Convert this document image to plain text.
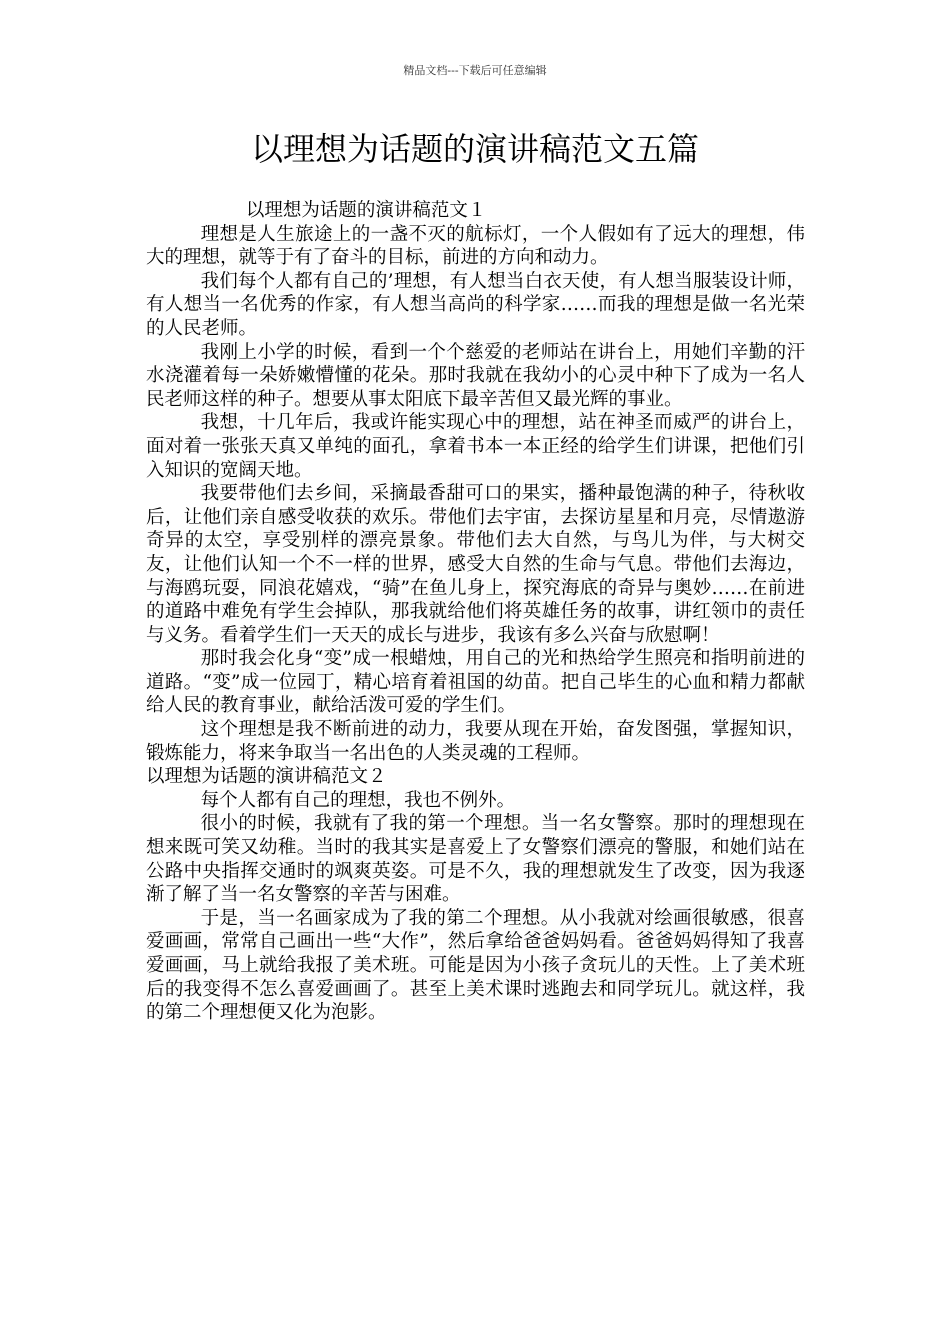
精品文档---下载后可任意编辑
以理想为话题的演讲稿范文五篇

以理想为话题的演讲稿范文１

理想是人生旅途上的一盏不灭的航标灯，一个人假如有了远大的理想，伟大的理想，就等于有了奋斗的目标，前进的方向和动力。

我们每个人都有自己的’理想，有人想当白衣天使，有人想当服装设计师，有人想当一名优秀的作家，有人想当高尚的科学家……而我的理想是做一名光荣的人民老师。

我刚上小学的时候，看到一个个慈爱的老师站在讲台上，用她们辛勤的汗水浇灌着每一朵娇嫩懵懂的花朵。那时我就在我幼小的心灵中种下了成为一名人民老师这样的种子。想要从事太阳底下最辛苦但又最光辉的事业。

我想，十几年后，我或许能实现心中的理想，站在神圣而威严的讲台上，面对着一张张天真又单纯的面孔，拿着书本一本正经的给学生们讲课，把他们引入知识的宽阔天地。

我要带他们去乡间，采摘最香甜可口的果实，播种最饱满的种子，待秋收后，让他们亲自感受收获的欢乐。带他们去宇宙，去探访星星和月亮，尽情遨游奇异的太空，享受别样的漂亮景象。带他们去大自然，与鸟儿为伴，与大树交友，让他们认知一个不一样的世界，感受大自然的生命与气息。带他们去海边，与海鸥玩耍，同浪花嬉戏，“骑”在鱼儿身上，探究海底的奇异与奥妙……在前进的道路中难免有学生会掉队，那我就给他们将英雄任务的故事，讲红领巾的责任与义务。看着学生们一天天的成长与进步，我该有多么兴奋与欣慰啊！

那时我会化身“变”成一根蜡烛，用自己的光和热给学生照亮和指明前进的道路。“变”成一位园丁，精心培育着祖国的幼苗。把自己毕生的心血和精力都献给人民的教育事业，献给活泼可爱的学生们。

这个理想是我不断前进的动力，我要从现在开始，奋发图强，掌握知识，锻炼能力，将来争取当一名出色的人类灵魂的工程师。

以理想为话题的演讲稿范文２

每个人都有自己的理想，我也不例外。

很小的时候，我就有了我的第一个理想。当一名女警察。那时的理想现在想来既可笑又幼稚。当时的我其实是喜爱上了女警察们漂亮的警服，和她们站在公路中央指挥交通时的飒爽英姿。可是不久，我的理想就发生了改变，因为我逐渐了解了当一名女警察的辛苦与困难。

于是，当一名画家成为了我的第二个理想。从小我就对绘画很敏感，很喜爱画画，常常自己画出一些“大作”，然后拿给爸爸妈妈看。爸爸妈妈得知了我喜爱画画，马上就给我报了美术班。可能是因为小孩子贪玩儿的天性。上了美术班后的我变得不怎么喜爱画画了。甚至上美术课时逃跑去和同学玩儿。就这样，我的第二个理想便又化为泡影。
